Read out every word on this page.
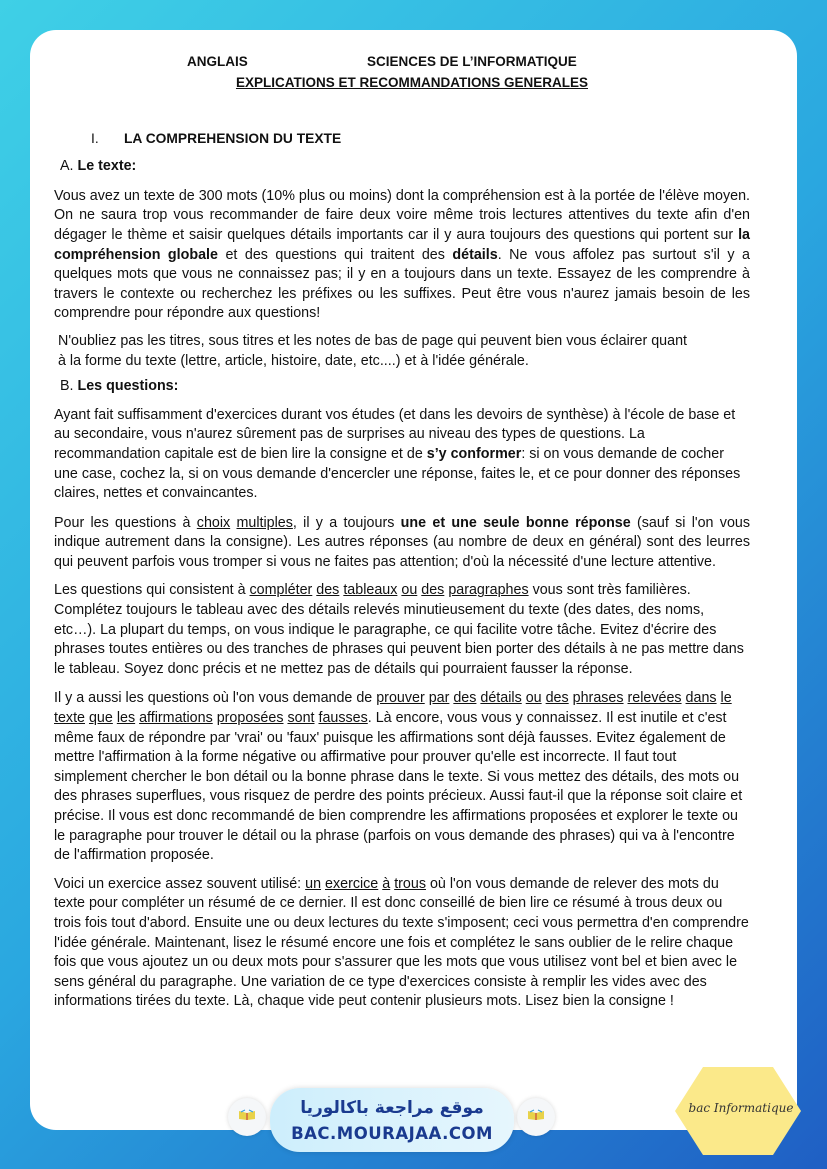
ANGLAIS	SCIENCES DE L’INFORMATIQUE
EXPLICATIONS ET RECOMMANDATIONS GENERALES
I. LA COMPREHENSION DU TEXTE
A. Le texte:

Vous avez un texte de 300 mots (10% plus ou moins) dont la compréhension est à la portée de l'élève moyen. On ne saura trop vous recommander de faire deux voire même trois lectures attentives du texte afin d'en dégager le thème et saisir quelques détails importants car il y aura toujours des questions qui portent sur la compréhension globale et des questions qui traitent des détails. Ne vous affolez pas surtout s'il y a quelques mots que vous ne connaissez pas; il y en a toujours dans un texte. Essayez de les comprendre à travers le contexte ou recherchez les préfixes ou les suffixes. Peut être vous n'aurez jamais besoin de les comprendre pour répondre aux questions!

N'oubliez pas les titres, sous titres et les notes de bas de page qui peuvent bien vous éclairer quant
à la forme du texte (lettre, article, histoire, date, etc....) et à l'idée générale.

B. Les questions:

Ayant fait suffisamment d'exercices durant vos études (et dans les devoirs de synthèse) à l'école de base et au secondaire, vous n'aurez sûrement pas de surprises au niveau des types de questions. La recommandation capitale est de bien lire la consigne et de s’y conformer: si on vous demande de cocher une case, cochez la, si on vous demande d'encercler une réponse, faites le, et ce pour donner des réponses claires, nettes et convaincantes.

Pour les questions à choix multiples, il y a toujours une et une seule bonne réponse (sauf si l'on vous indique autrement dans la consigne). Les autres réponses (au nombre de deux en général) sont des leurres qui peuvent parfois vous tromper si vous ne faites pas attention; d'où la nécessité d'une lecture attentive.

Les questions qui consistent à compléter des tableaux ou des paragraphes vous sont très familières. Complétez toujours le tableau avec des détails relevés minutieusement du texte (des dates, des noms, etc…). La plupart du temps, on vous indique le paragraphe, ce qui facilite votre tâche. Evitez d'écrire des phrases toutes entières ou des tranches de phrases qui peuvent bien porter des détails à ne pas mettre dans le tableau. Soyez donc précis et ne mettez pas de détails qui pourraient fausser la réponse.

Il y a aussi les questions où l'on vous demande de prouver par des détails ou des phrases relevées dans le texte que les affirmations proposées sont fausses. Là encore, vous vous y connaissez. Il est inutile et c'est même faux de répondre par 'vrai' ou 'faux' puisque les affirmations sont déjà fausses. Evitez également de mettre l'affirmation à la forme négative ou affirmative pour prouver qu'elle est incorrecte. Il faut tout simplement chercher le bon détail ou la bonne phrase dans le texte. Si vous mettez des détails, des mots ou des phrases superflues, vous risquez de perdre des points précieux. Aussi faut-il que la réponse soit claire et précise. Il vous est donc recommandé de bien comprendre les affirmations proposées et explorer le texte ou le paragraphe pour trouver le détail ou la phrase (parfois on vous demande des phrases) qui va à l'encontre de l'affirmation proposée.

Voici un exercice assez souvent utilisé: un exercice à trous où l'on vous demande de relever des mots du texte pour compléter un résumé de ce dernier. Il est donc conseillé de bien lire ce résumé à trous deux ou trois fois tout d'abord. Ensuite une ou deux lectures du texte s'imposent; ceci vous permettra d'en comprendre l'idée générale. Maintenant, lisez le résumé encore une fois et complétez le sans oublier de le relire chaque fois que vous ajoutez un ou deux mots pour s'assurer que les mots que vous utilisez vont bel et bien avec le sens général du paragraphe. Une variation de ce type d'exercices consiste à remplir les vides avec des informations tirées du texte. Là, chaque vide peut contenir plusieurs mots. Lisez bien la consigne !

موقع مراجعة باكالوريا
BAC.MOURAJAA.COM
bac Informatique
